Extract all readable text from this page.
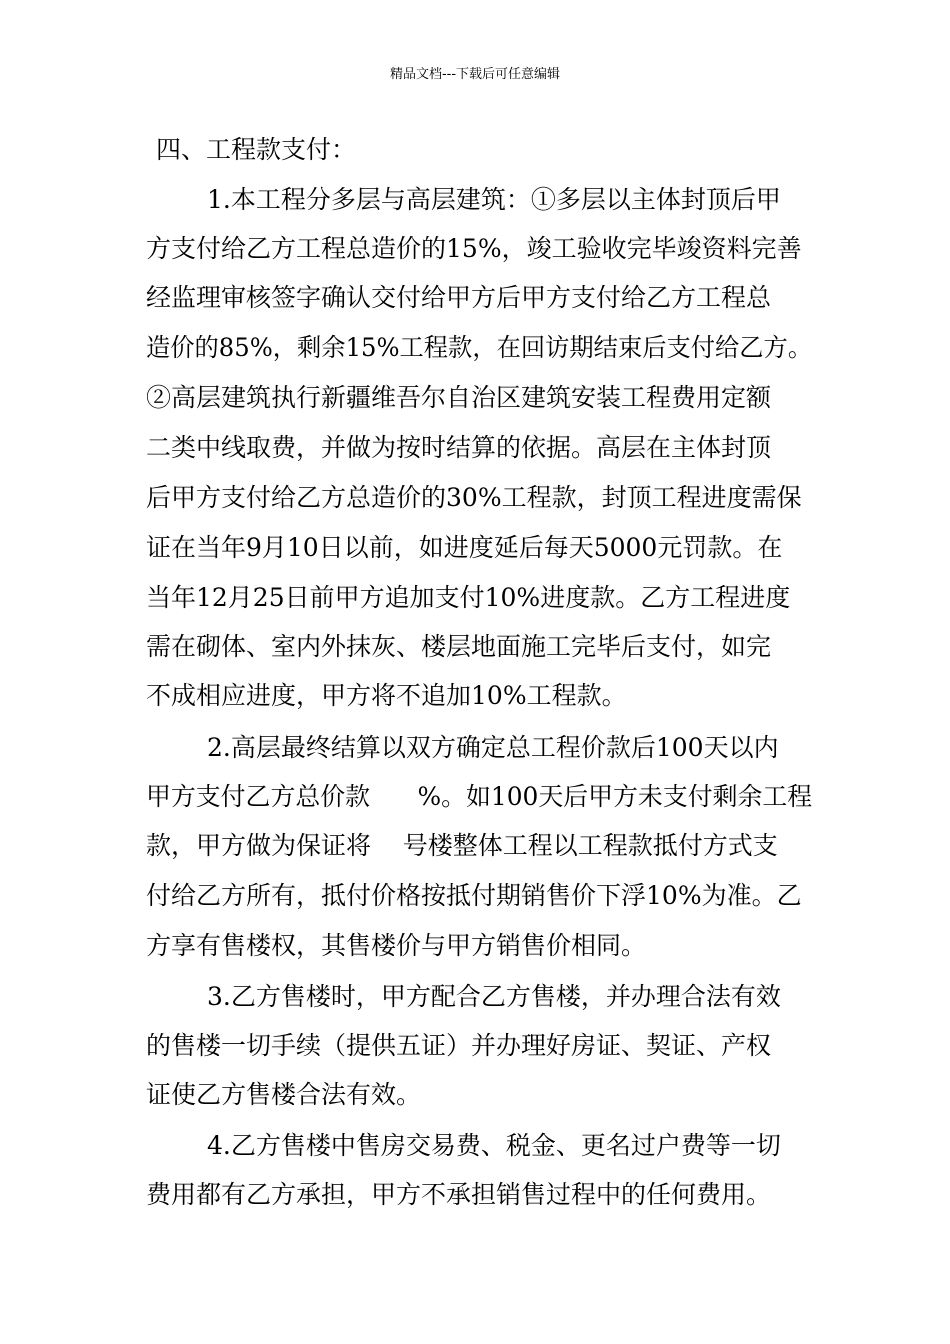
精品文档---下载后可任意编辑
四、工程款支付：
1.本工程分多层与高层建筑：①多层以主体封顶后甲
方支付给乙方工程总造价的15%，竣工验收完毕竣资料完善
经监理审核签字确认交付给甲方后甲方支付给乙方工程总
造价的85%，剩余15%工程款，在回访期结束后支付给乙方。
②高层建筑执行新疆维吾尔自治区建筑安装工程费用定额
二类中线取费，并做为按时结算的依据。高层在主体封顶
后甲方支付给乙方总造价的30%工程款，封顶工程进度需保
证在当年9月10日以前，如进度延后每天5000元罚款。在
当年12月25日前甲方追加支付10%进度款。乙方工程进度
需在砌体、室内外抹灰、楼层地面施工完毕后支付，如完
不成相应进度，甲方将不追加10%工程款。
2.高层最终结算以双方确定总工程价款后100天以内
甲方支付乙方总价款      %。如100天后甲方未支付剩余工程
款，甲方做为保证将    号楼整体工程以工程款抵付方式支
付给乙方所有，抵付价格按抵付期销售价下浮10%为准。乙
方享有售楼权，其售楼价与甲方销售价相同。
3.乙方售楼时，甲方配合乙方售楼，并办理合法有效
的售楼一切手续（提供五证）并办理好房证、契证、产权
证使乙方售楼合法有效。
4.乙方售楼中售房交易费、税金、更名过户费等一切
费用都有乙方承担，甲方不承担销售过程中的任何费用。
